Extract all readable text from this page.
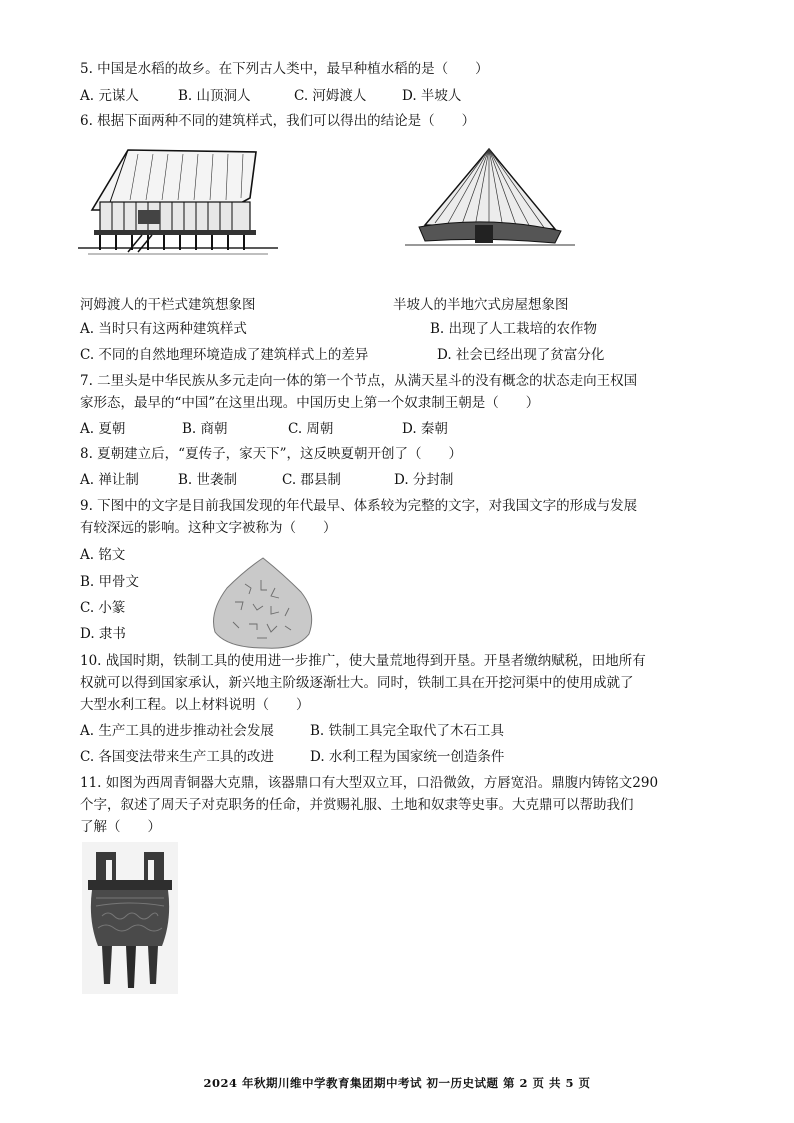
5. 中国是水稻的故乡。在下列古人类中，最早种植水稻的是（　　）
A. 元谋人	B. 山顶洞人	C. 河姆渡人	D. 半坡人
6. 根据下面两种不同的建筑样式，我们可以得出的结论是（　　）
河姆渡人的干栏式建筑想象图	半坡人的半地穴式房屋想象图
A. 当时只有这两种建筑样式	B. 出现了人工栽培的农作物
C. 不同的自然地理环境造成了建筑样式上的差异	D. 社会已经出现了贫富分化
7. 二里头是中华民族从多元走向一体的第一个节点，从满天星斗的没有概念的状态走向王权国
家形态，最早的“中国”在这里出现。中国历史上第一个奴隶制王朝是（　　）
A. 夏朝	B. 商朝	C. 周朝	D. 秦朝
8. 夏朝建立后，“夏传子，家天下”，这反映夏朝开创了（　　）
A. 禅让制	B. 世袭制	C. 郡县制	D. 分封制
9. 下图中的文字是目前我国发现的年代最早、体系较为完整的文字，对我国文字的形成与发展
有较深远的影响。这种文字被称为（　　）
A. 铭文
B. 甲骨文
C. 小篆
D. 隶书
10. 战国时期，铁制工具的使用进一步推广，使大量荒地得到开垦。开垦者缴纳赋税，田地所有
权就可以得到国家承认，新兴地主阶级逐渐壮大。同时，铁制工具在开挖河渠中的使用成就了
大型水利工程。以上材料说明（　　）
A. 生产工具的进步推动社会发展	B. 铁制工具完全取代了木石工具
C. 各国变法带来生产工具的改进	D. 水利工程为国家统一创造条件
11. 如图为西周青铜器大克鼎，该器鼎口有大型双立耳，口沿微敛，方唇宽沿。鼎腹内铸铭文290
个字，叙述了周天子对克职务的任命，并赏赐礼服、土地和奴隶等史事。大克鼎可以帮助我们
了解（　　）
2024 年秋期川维中学教育集团期中考试 初一历史试题 第 2 页 共 5 页
